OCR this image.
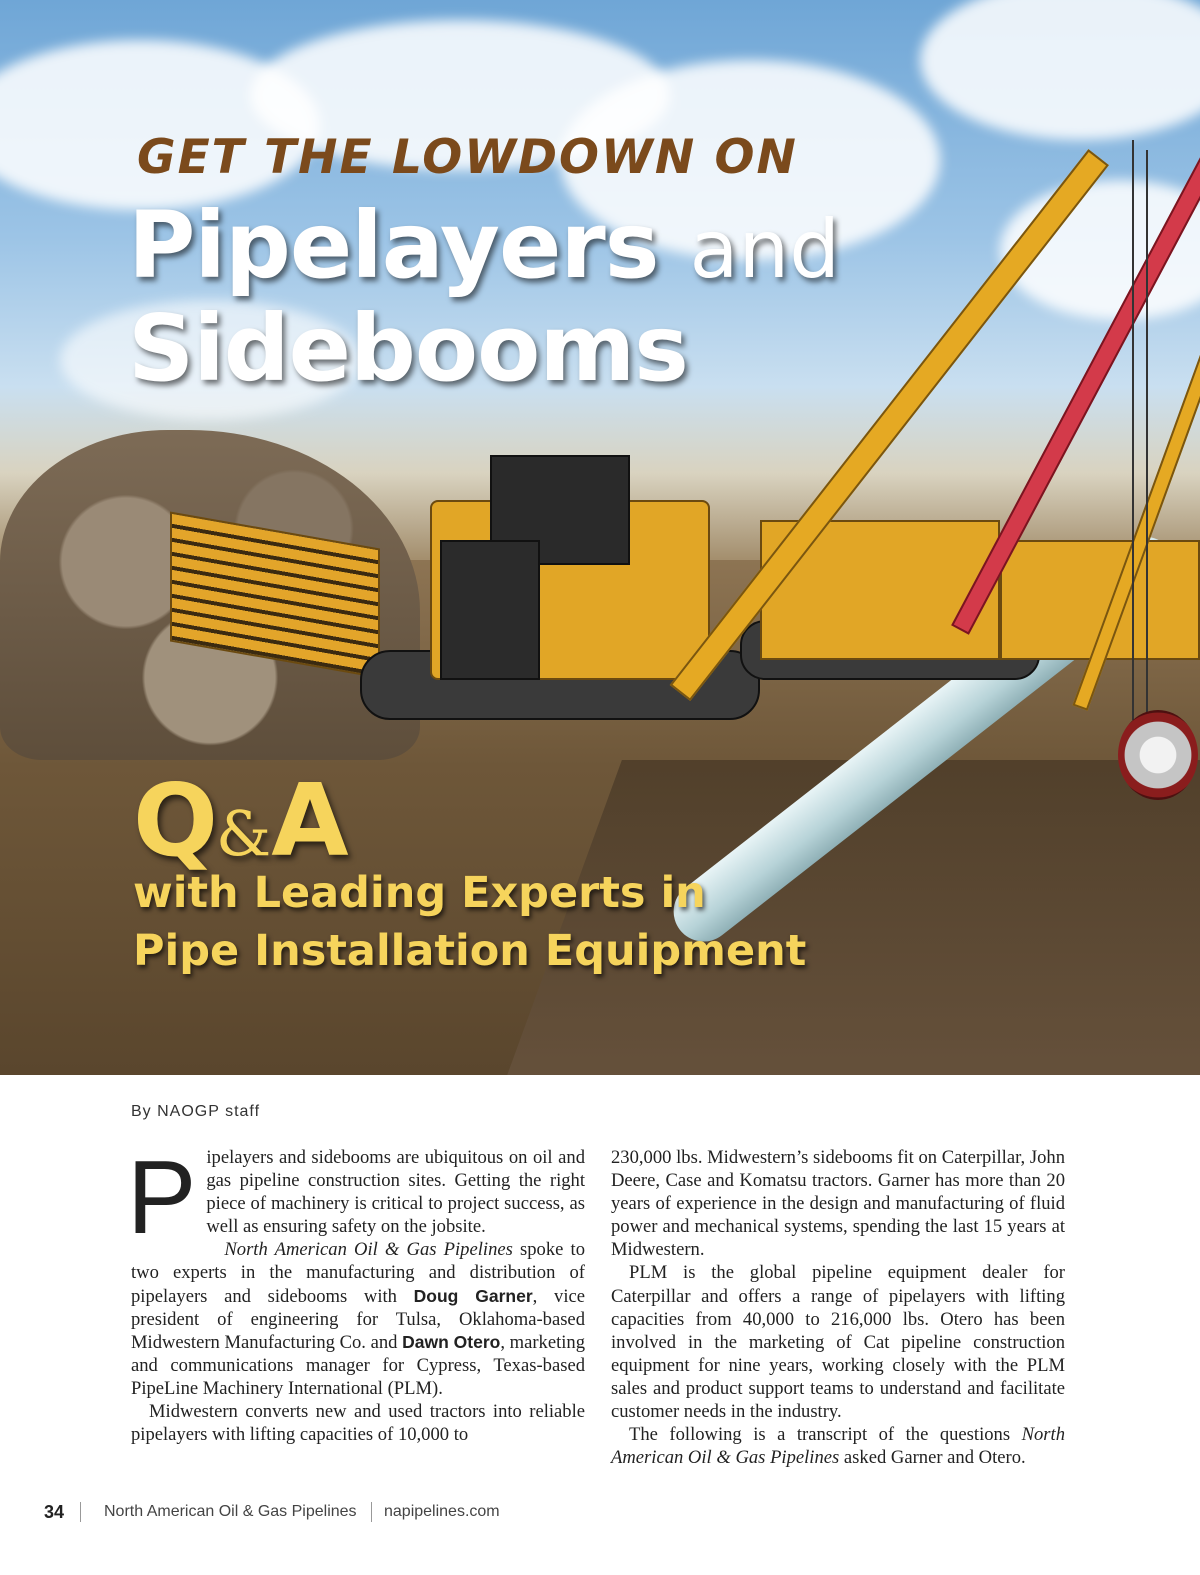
GET THE LOWDOWN ON
Pipelayers and
Sidebooms
Q&A
with Leading Experts in
Pipe Installation Equipment
By NAOGP staff

Pipelayers and sidebooms are ubiquitous on oil and gas pipeline construction sites. Getting the right piece of machinery is critical to project success, as well as ensuring safety on the jobsite.

North American Oil & Gas Pipelines spoke to two experts in the manufacturing and distribution of pipelayers and sidebooms with Doug Garner, vice president of engineering for Tulsa, Oklahoma-based Midwestern Manufacturing Co. and Dawn Otero, marketing and communications manager for Cypress, Texas-based PipeLine Machinery International (PLM).

Midwestern converts new and used tractors into reliable pipelayers with lifting capacities of 10,000 to

230,000 lbs. Midwestern’s sidebooms fit on Caterpillar, John Deere, Case and Komatsu tractors. Garner has more than 20 years of experience in the design and manufacturing of fluid power and mechanical systems, spending the last 15 years at Midwestern.

PLM is the global pipeline equipment dealer for Caterpillar and offers a range of pipelayers with lifting capacities from 40,000 to 216,000 lbs. Otero has been involved in the marketing of Cat pipeline construction equipment for nine years, working closely with the PLM sales and product support teams to understand and facilitate customer needs in the industry.

The following is a transcript of the questions North American Oil & Gas Pipelines asked Garner and Otero.

34 North American Oil & Gas Pipelines napipelines.com
